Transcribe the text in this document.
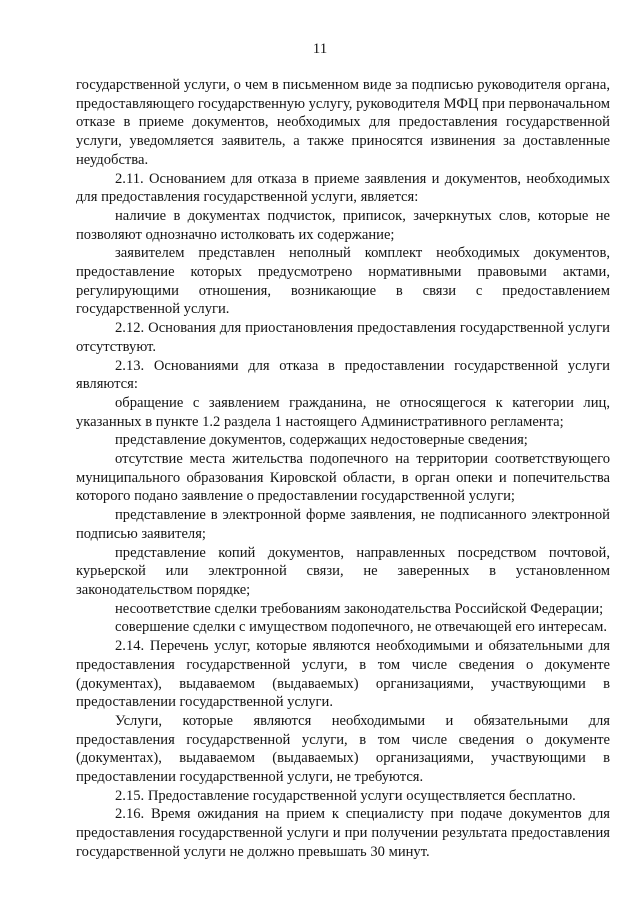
11

государственной услуги, о чем в письменном виде за подписью руководителя органа, предоставляющего государственную услугу, руководителя МФЦ при первоначальном отказе в приеме документов, необходимых для предоставления государственной услуги, уведомляется заявитель, а также приносятся извинения за доставленные неудобства.

2.11. Основанием для отказа в приеме заявления и документов, необходимых для предоставления государственной услуги, является:

наличие в документах подчисток, приписок, зачеркнутых слов, которые не позволяют однозначно истолковать их содержание;

заявителем представлен неполный комплект необходимых документов, предоставление которых предусмотрено нормативными правовыми актами, регулирующими отношения, возникающие в связи с предоставлением государственной услуги.

2.12. Основания для приостановления предоставления государственной услуги отсутствуют.

2.13. Основаниями для отказа в предоставлении государственной услуги являются:

обращение с заявлением гражданина, не относящегося к категории лиц, указанных в пункте 1.2 раздела 1 настоящего Административного регламента;

представление документов, содержащих недостоверные сведения;

отсутствие места жительства подопечного на территории соответствующего муниципального образования Кировской области, в орган опеки и попечительства которого подано заявление о предоставлении государственной услуги;

представление в электронной форме заявления, не подписанного электронной подписью заявителя;

представление копий документов, направленных посредством почтовой, курьерской или электронной связи, не заверенных в установленном законодательством порядке;

несоответствие сделки требованиям законодательства Российской Федерации;

совершение сделки с имуществом подопечного, не отвечающей его интересам.

2.14. Перечень услуг, которые являются необходимыми и обязательными для предоставления государственной услуги, в том числе сведения о документе (документах), выдаваемом (выдаваемых) организациями, участвующими в предоставлении государственной услуги.

Услуги, которые являются необходимыми и обязательными для предоставления государственной услуги, в том числе сведения о документе (документах), выдаваемом (выдаваемых) организациями, участвующими в предоставлении государственной услуги, не требуются.

2.15. Предоставление государственной услуги осуществляется бесплатно.

2.16. Время ожидания на прием к специалисту при подаче документов для предоставления государственной услуги и при получении результата предоставления государственной услуги не должно превышать 30 минут.
